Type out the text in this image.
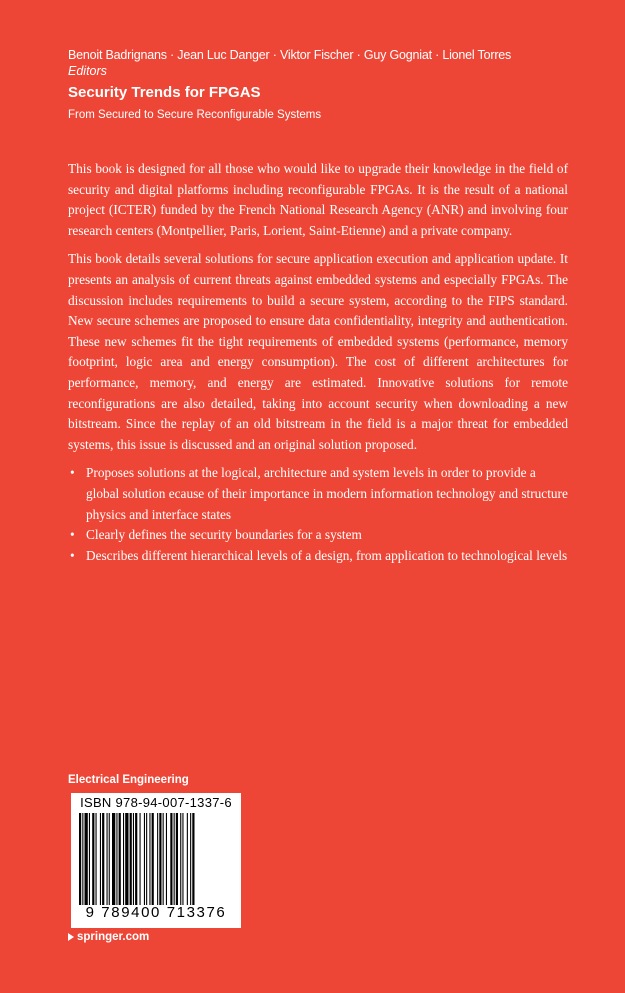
Benoit Badrignans · Jean Luc Danger · Viktor Fischer · Guy Gogniat · Lionel Torres
Editors
Security Trends for FPGAS
From Secured to Secure Reconfigurable Systems

This book is designed for all those who would like to upgrade their knowledge in the field of security and digital platforms including reconfigurable FPGAs. It is the result of a national project (ICTER) funded by the French National Research Agency (ANR) and involving four research centers (Montpellier, Paris, Lorient, Saint-Etienne) and a private company.

This book details several solutions for secure application execution and application update. It presents an analysis of current threats against embedded systems and especially FPGAs. The discussion includes requirements to build a secure system, according to the FIPS standard. New secure schemes are proposed to ensure data confidentiality, integrity and authentication. These new schemes fit the tight requirements of embedded systems (performance, memory footprint, logic area and energy consumption). The cost of different architectures for performance, memory, and energy are estimated. Innovative solutions for remote reconfigurations are also detailed, taking into account security when downloading a new bitstream. Since the replay of an old bitstream in the field is a major threat for embedded systems, this issue is discussed and an original solution proposed.

• Proposes solutions at the logical, architecture and system levels in order to provide a global solution ecause of their importance in modern information technology and structure physics and interface states
• Clearly defines the security boundaries for a system
• Describes different hierarchical levels of a design, from application to technological levels
Electrical Engineering
ISBN 978-94-007-1337-6
9 789400 713376
springer.com
